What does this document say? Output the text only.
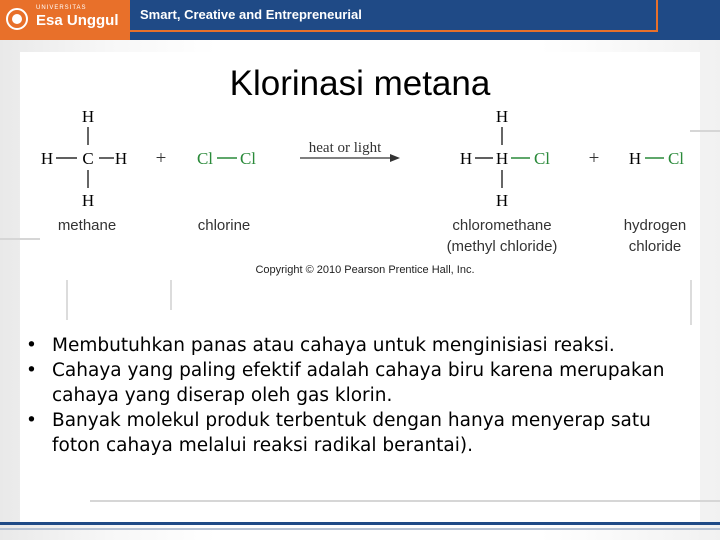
UNIVERSITAS
Esa Unggul Smart, Creative and Entrepreneurial
Klorinasi metana
H
H C H
H
methane
+ Cl Cl
chlorine
heat or light
H
H H Cl
H
chloromethane
(methyl chloride)
+ H Cl
hydrogen
chloride
Copyright © 2010 Pearson Prentice Hall, Inc.
• Membutuhkan panas atau cahaya untuk menginisiasi reaksi.
• Cahaya yang paling efektif adalah cahaya biru karena merupakan
cahaya yang diserap oleh gas klorin.
• Banyak molekul produk terbentuk dengan hanya menyerap satu
foton cahaya melalui reaksi radikal berantai).
